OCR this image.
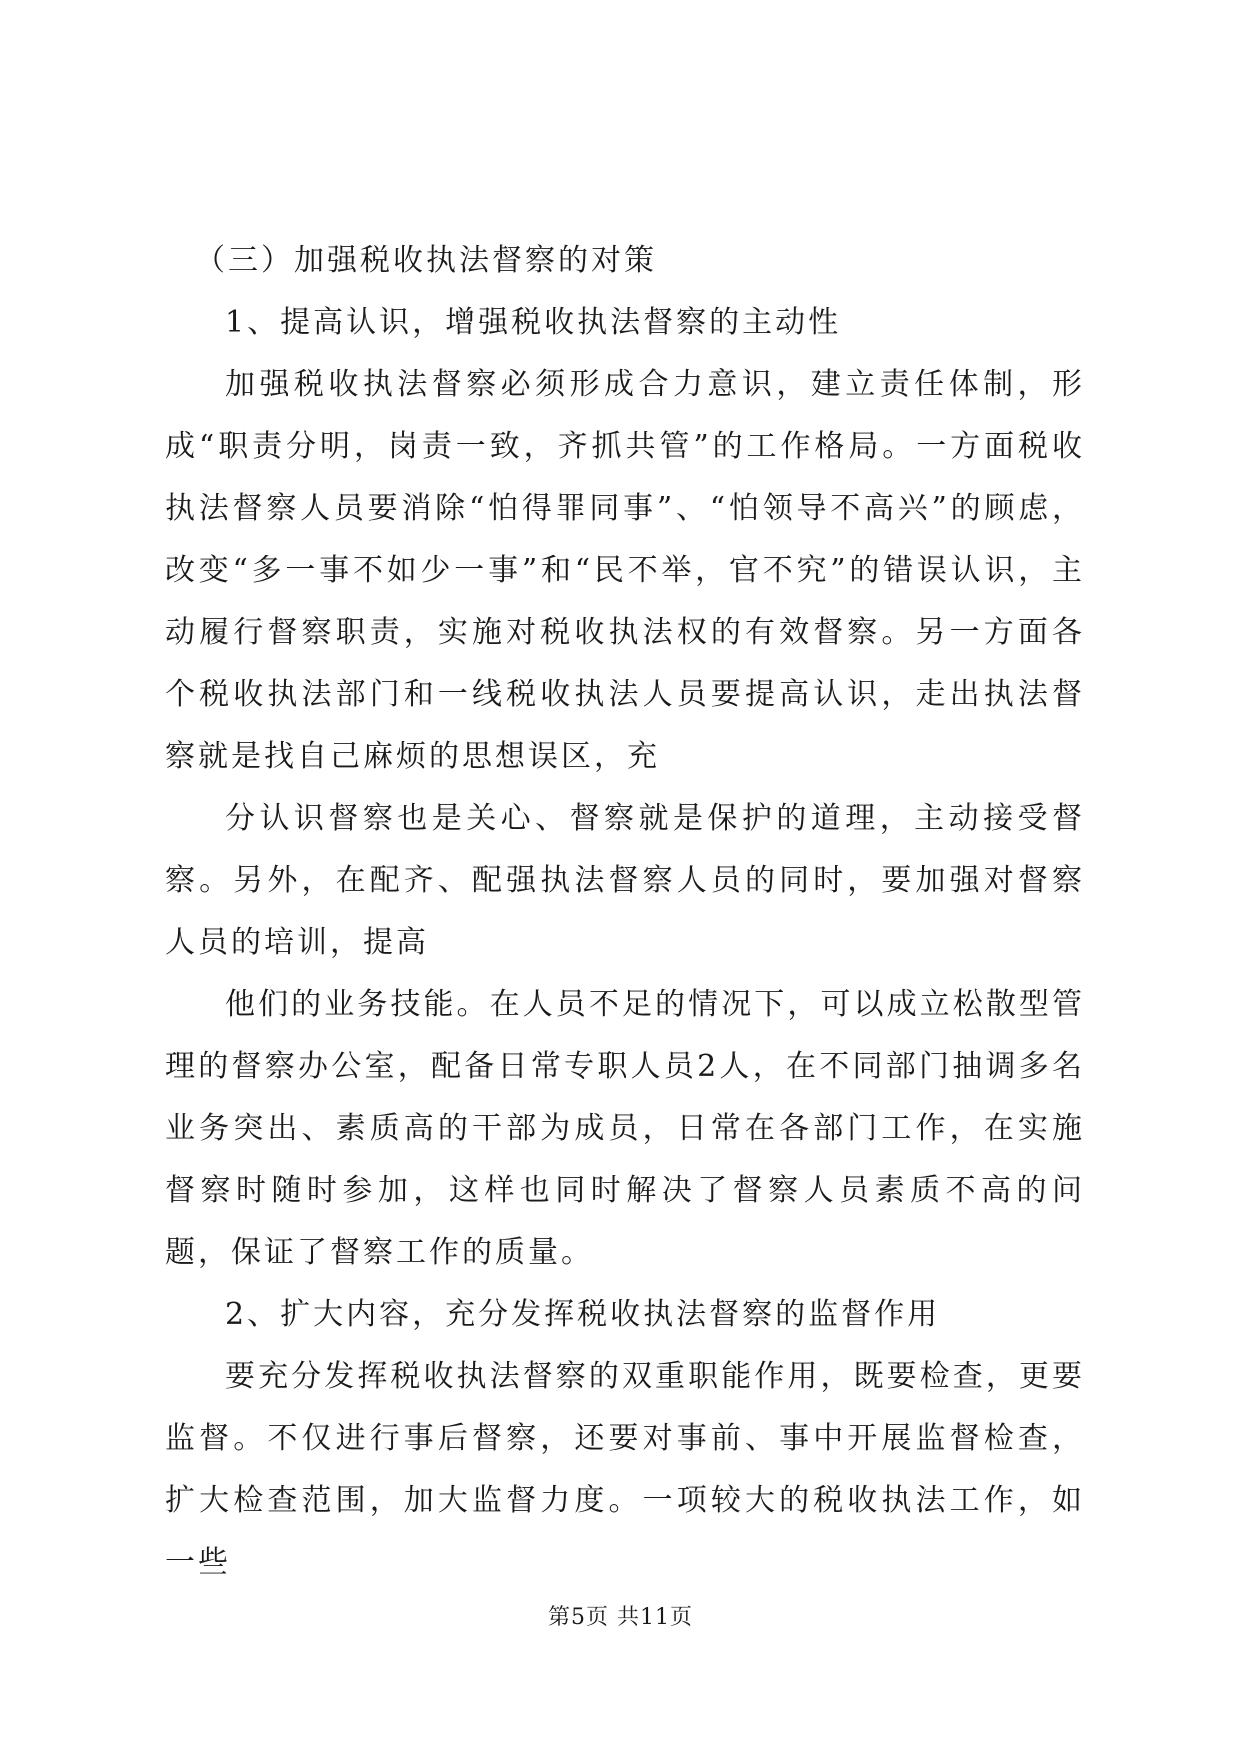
（三）加强税收执法督察的对策

1、提高认识，增强税收执法督察的主动性

加强税收执法督察必须形成合力意识，建立责任体制，形成“职责分明，岗责一致，齐抓共管”的工作格局。一方面税收执法督察人员要消除“怕得罪同事”、“怕领导不高兴”的顾虑，改变“多一事不如少一事”和“民不举，官不究”的错误认识，主动履行督察职责，实施对税收执法权的有效督察。另一方面各个税收执法部门和一线税收执法人员要提高认识，走出执法督察就是找自己麻烦的思想误区，充

分认识督察也是关心、督察就是保护的道理，主动接受督察。另外，在配齐、配强执法督察人员的同时，要加强对督察人员的培训，提高

他们的业务技能。在人员不足的情况下，可以成立松散型管理的督察办公室，配备日常专职人员2人，在不同部门抽调多名业务突出、素质高的干部为成员，日常在各部门工作，在实施督察时随时参加，这样也同时解决了督察人员素质不高的问题，保证了督察工作的质量。

2、扩大内容，充分发挥税收执法督察的监督作用

要充分发挥税收执法督察的双重职能作用，既要检查，更要监督。不仅进行事后督察，还要对事前、事中开展监督检查，扩大检查范围，加大监督力度。一项较大的税收执法工作，如一些

第5页 共11页
